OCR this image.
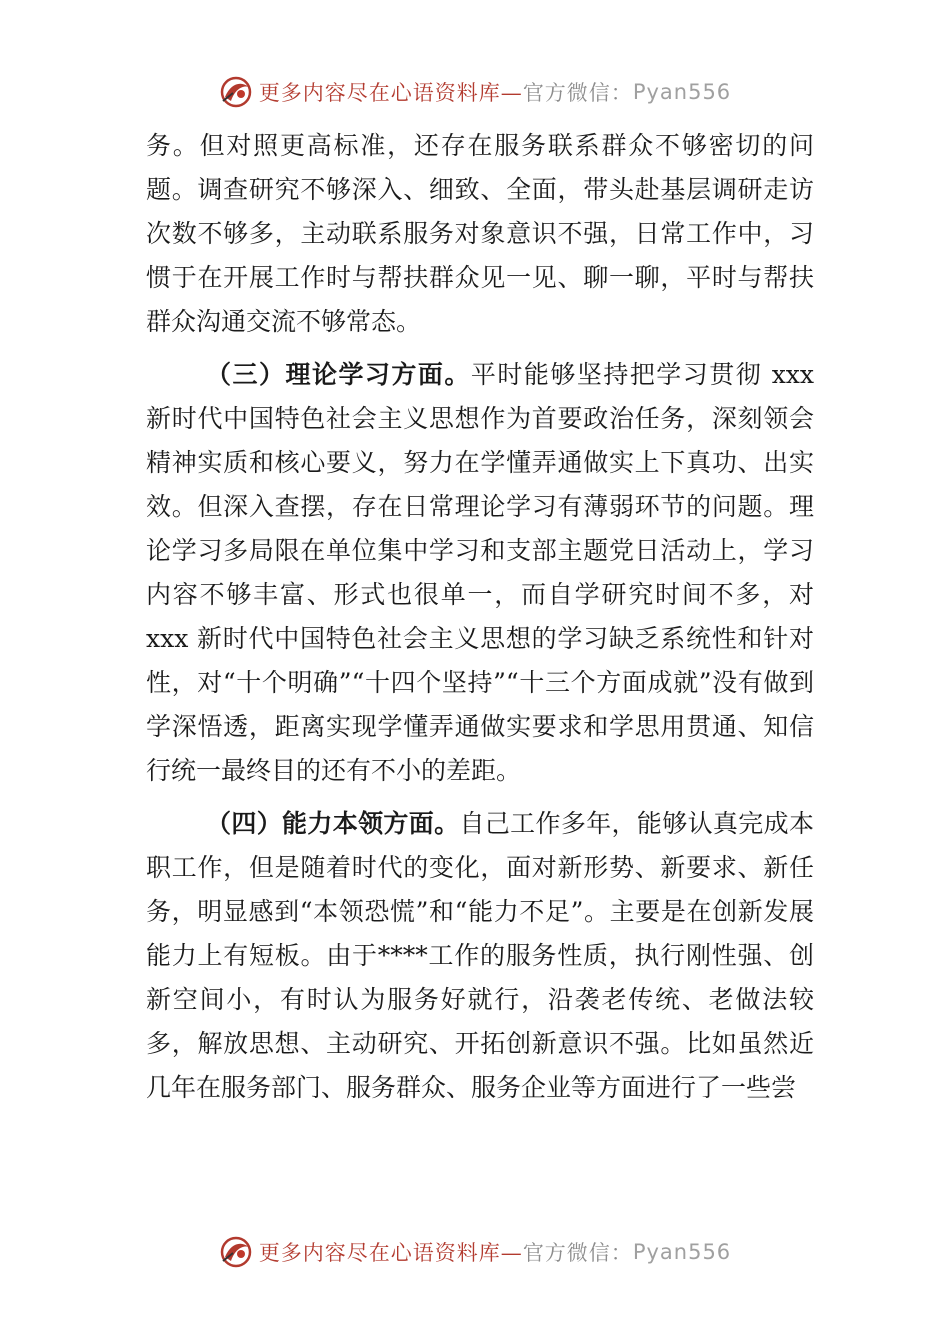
更多内容尽在心语资料库— 官方微信： Pyan556

务。但对照更高标准，还存在服务联系群众不够密切的问题。调查研究不够深入、细致、全面，带头赴基层调研走访次数不够多，主动联系服务对象意识不强，日常工作中，习惯于在开展工作时与帮扶群众见一见、聊一聊，平时与帮扶群众沟通交流不够常态。

（三）理论学习方面。平时能够坚持把学习贯彻 xxx 新时代中国特色社会主义思想作为首要政治任务，深刻领会精神实质和核心要义，努力在学懂弄通做实上下真功、出实效。但深入查摆，存在日常理论学习有薄弱环节的问题。理论学习多局限在单位集中学习和支部主题党日活动上，学习内容不够丰富、形式也很单一，而自学研究时间不多，对 xxx 新时代中国特色社会主义思想的学习缺乏系统性和针对性，对“十个明确”“十四个坚持”“十三个方面成就”没有做到学深悟透，距离实现学懂弄通做实要求和学思用贯通、知信行统一最终目的还有不小的差距。

（四）能力本领方面。自己工作多年，能够认真完成本职工作，但是随着时代的变化，面对新形势、新要求、新任务，明显感到“本领恐慌”和“能力不足”。主要是在创新发展能力上有短板。由于****工作的服务性质，执行刚性强、创新空间小，有时认为服务好就行，沿袭老传统、老做法较多，解放思想、主动研究、开拓创新意识不强。比如虽然近几年在服务部门、服务群众、服务企业等方面进行了一些尝

更多内容尽在心语资料库— 官方微信： Pyan556
